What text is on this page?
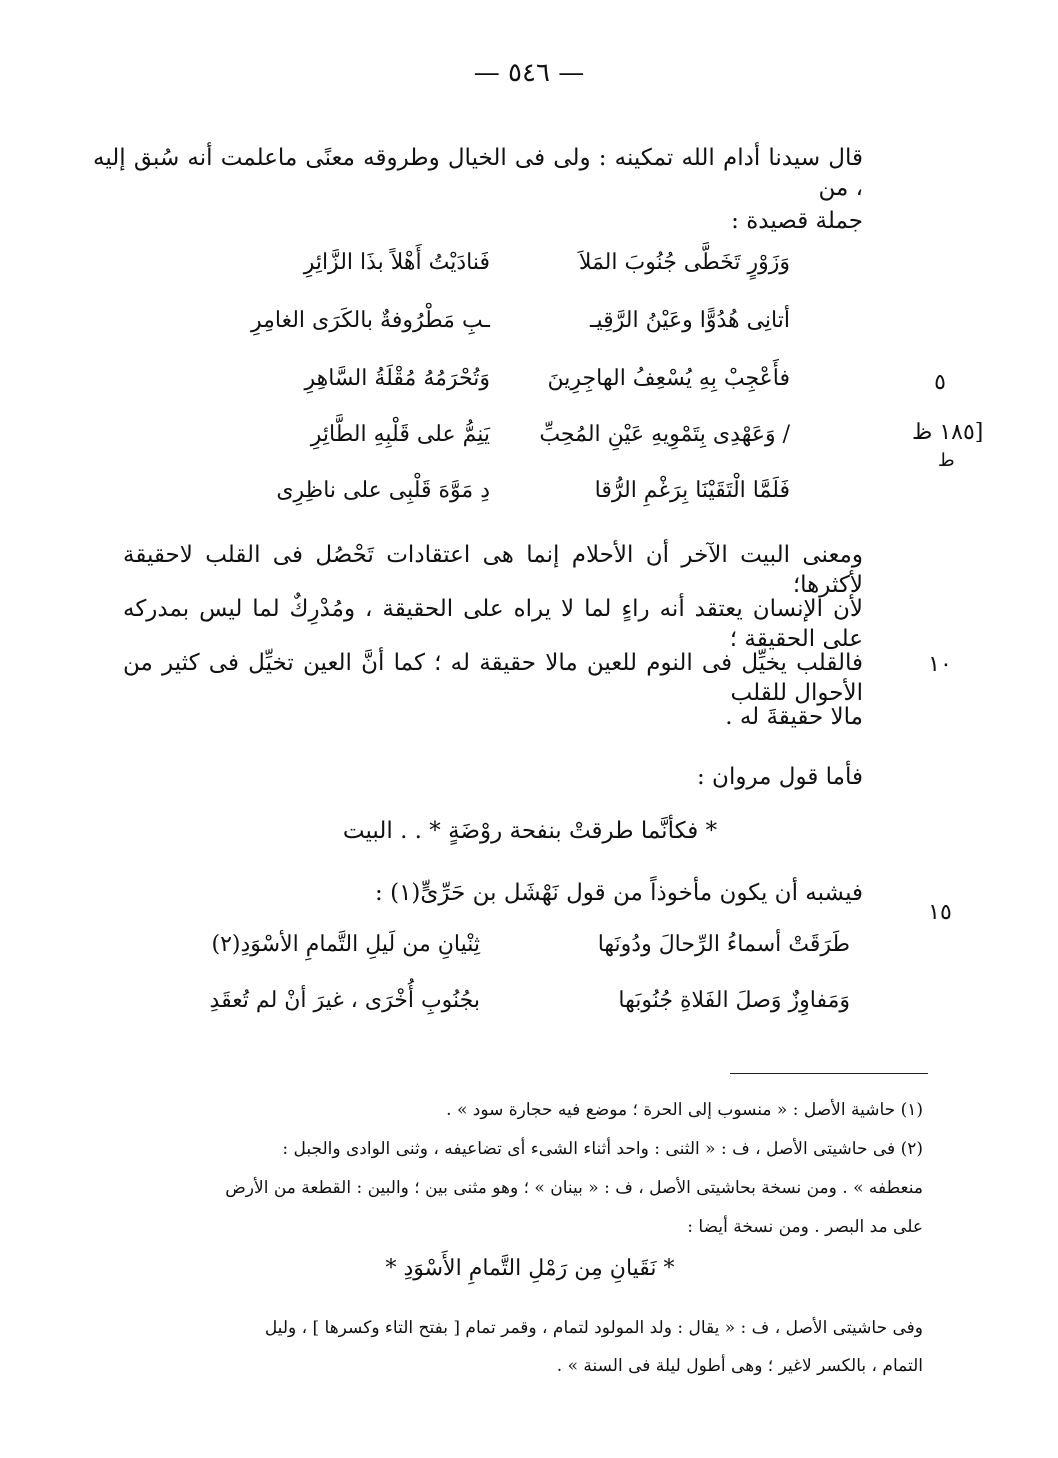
— ٥٤٦ —
قال سيدنا أدام الله تمكينه : ولى فى الخيال وطروقه معنًى ماعلمت أنه سُبق إليه ، من
جملة قصيدة :
وَزَوْرٍ تَخَطَّى جُنُوبَ المَلاَ
فَنادَيْتُ أَهْلاً بذَا الزَّائِرِ
أتانِى هُدُوًّا وعَيْنُ الرَّقِيـ
ـبِ مَطْرُوفةٌ بالكَرَى الغامِرِ
فأَعْجِبْ بِهِ يُسْعِفُ الهاجِرِينَ
وَتُحْرَمُهُ مُقْلَةُ السَّاهِرِ
/ وَعَهْدِى بِتَمْوِيهِ عَيْنِ المُحِبِّ
يَنِمُّ على قَلْبِهِ الطَّائِرِ
فَلَمَّا الْتَقَيْنَا بِرَغْمِ الرُّقا
دِ مَوَّهَ قَلْبِى على ناظِرِى
٥
[١٨٥ ظ
ط
ومعنى البيت الآخر أن الأحلام إنما هى اعتقادات تَحْصُل فى القلب لاحقيقة لأكثرها؛
لأن الإنسان يعتقد أنه راءٍ لما لا يراه على الحقيقة ، ومُدْرِكٌ لما ليس بمدركه على الحقيقة ؛
فالقلب يخيِّل فى النوم للعين مالا حقيقة له ؛ كما أنَّ العين تخيِّل فى كثير من الأحوال للقلب
مالا حقيقةَ له .
١٠
فأما قول مروان :
* فكأنَّما طرقتْ بنفحة روْضَةٍ * . . البيت
فيشبه أن يكون مأخوذاً من قول نَهْشَل بن حَرِّىٍّ(١) :
١٥
طَرَقَتْ أسماءُ الرِّحالَ ودُونَها
ثِنْيانِ من لَيلِ التَّمامِ الأسْوَدِ(٢)
وَمَفاوِزٌ وَصلَ الفَلاةِ جُنُوبَها
بجُنُوبِ أُخْرَى ، غيرَ أنْ لم تُعقَدِ
(١) حاشية الأصل : « منسوب إلى الحرة ؛ موضع فيه حجارة سود » .
(٢) فى حاشيتى الأصل ، ف : « الثنى : واحد أثناء الشىء أى تضاعيفه ، وثنى الوادى والجبل :
منعطفه » . ومن نسخة بحاشيتى الأصل ، ف : « بينان » ؛ وهو مثنى بين ؛ والبين : القطعة من الأرض
على مد البصر . ومن نسخة أيضا :
* نَقَيانِ مِن رَمْلِ التَّمامِ الأَسْوَدِ *
وفى حاشيتى الأصل ، ف : « يقال : ولد المولود لتمام ، وقمر تمام [ بفتح التاء وكسرها ] ، وليل
التمام ، بالكسر لاغير ؛ وهى أطول ليلة فى السنة » .
